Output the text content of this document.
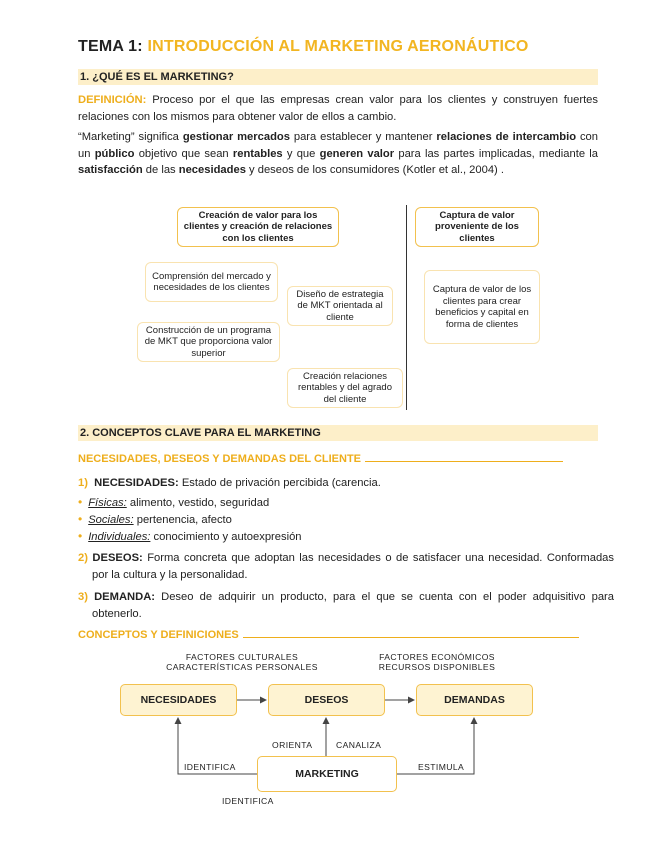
TEMA 1: INTRODUCCIÓN AL MARKETING AERONÁUTICO
1. ¿QUÉ ES EL MARKETING?
DEFINICIÓN: Proceso por el que las empresas crean valor para los clientes y construyen fuertes relaciones con los mismos para obtener valor de ellos a cambio.
“Marketing” significa gestionar mercados para establecer y mantener relaciones de intercambio con un público objetivo que sean rentables y que generen valor para las partes implicadas, mediante la satisfacción de las necesidades y deseos de los consumidores (Kotler et al., 2004) .
Creación de valor para los clientes y creación de relaciones con los clientes
Captura de valor proveniente de los clientes
Comprensión del mercado y necesidades de los clientes
Diseño de estrategia de MKT orientada al cliente
Construcción de un programa de MKT que proporciona valor superior
Creación relaciones rentables y del agrado del cliente
Captura de valor de los clientes para crear beneficios y capital en forma de clientes
2. CONCEPTOS CLAVE PARA EL MARKETING
NECESIDADES, DESEOS Y DEMANDAS DEL CLIENTE
1) NECESIDADES: Estado de privación percibida (carencia.
• Físicas: alimento, vestido, seguridad
• Sociales: pertenencia, afecto
• Individuales: conocimiento y autoexpresión
2) DESEOS: Forma concreta que adoptan las necesidades o de satisfacer una necesidad. Conformadas por la cultura y la personalidad.
3) DEMANDA: Deseo de adquirir un producto, para el que se cuenta con el poder adquisitivo para obtenerlo.
CONCEPTOS Y DEFINICIONES
FACTORES CULTURALES
CARACTERÍSTICAS PERSONALES
FACTORES ECONÓMICOS
RECURSOS DISPONIBLES
NECESIDADES	DESEOS	DEMANDAS
MARKETING
ORIENTA	CANALIZA
IDENTIFICA	ESTIMULA
IDENTIFICA
